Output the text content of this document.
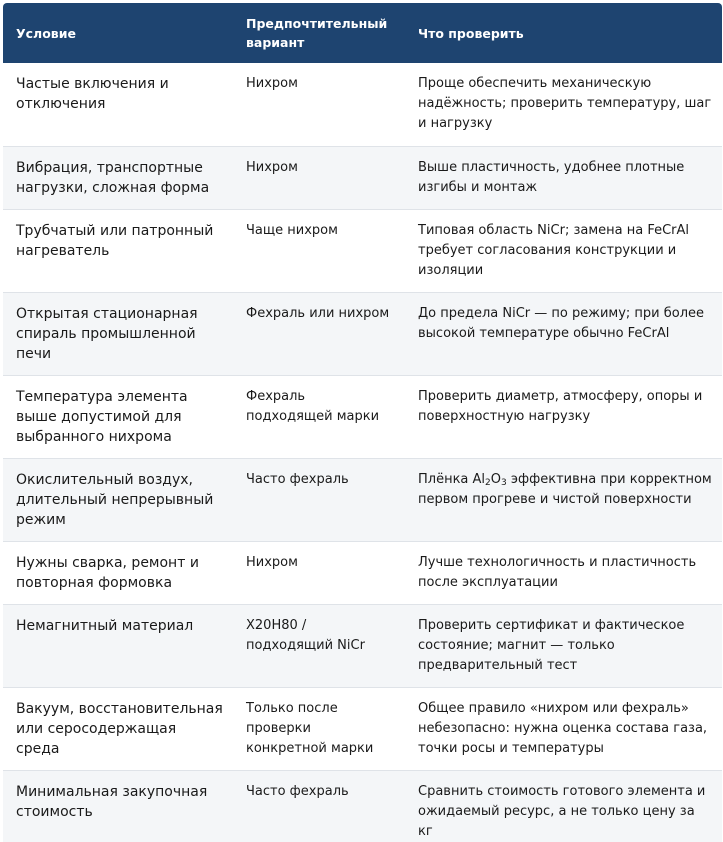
Условие	Предпочтительный вариант	Что проверить
Частые включения и отключения	Нихром	Проще обеспечить механическую надёжность; проверить температуру, шаг и нагрузку
Вибрация, транспортные нагрузки, сложная форма	Нихром	Выше пластичность, удобнее плотные изгибы и монтаж
Трубчатый или патронный нагреватель	Чаще нихром	Типовая область NiCr; замена на FeCrAl требует согласования конструкции и изоляции
Открытая стационарная спираль промышленной печи	Фехраль или нихром	До предела NiCr — по режиму; при более высокой температуре обычно FeCrAl
Температура элемента выше допустимой для выбранного нихрома	Фехраль подходящей марки	Проверить диаметр, атмосферу, опоры и поверхностную нагрузку
Окислительный воздух, длительный непрерывный режим	Часто фехраль	Плёнка $Al_2O_3$ эффективна при корректном первом прогреве и чистой поверхности
Нужны сварка, ремонт и повторная формовка	Нихром	Лучше технологичность и пластичность после эксплуатации
Немагнитный материал	Х20Н80 / подходящий NiCr	Проверить сертификат и фактическое состояние; магнит — только предварительный тест
Вакуум, восстановительная или серосодержащая среда	Только после проверки конкретной марки	Общее правило «нихром или фехраль» небезопасно: нужна оценка состава газа, точки росы и температуры
Минимальная закупочная стоимость	Часто фехраль	Сравнить стоимость готового элемента и ожидаемый ресурс, а не только цену за кг
